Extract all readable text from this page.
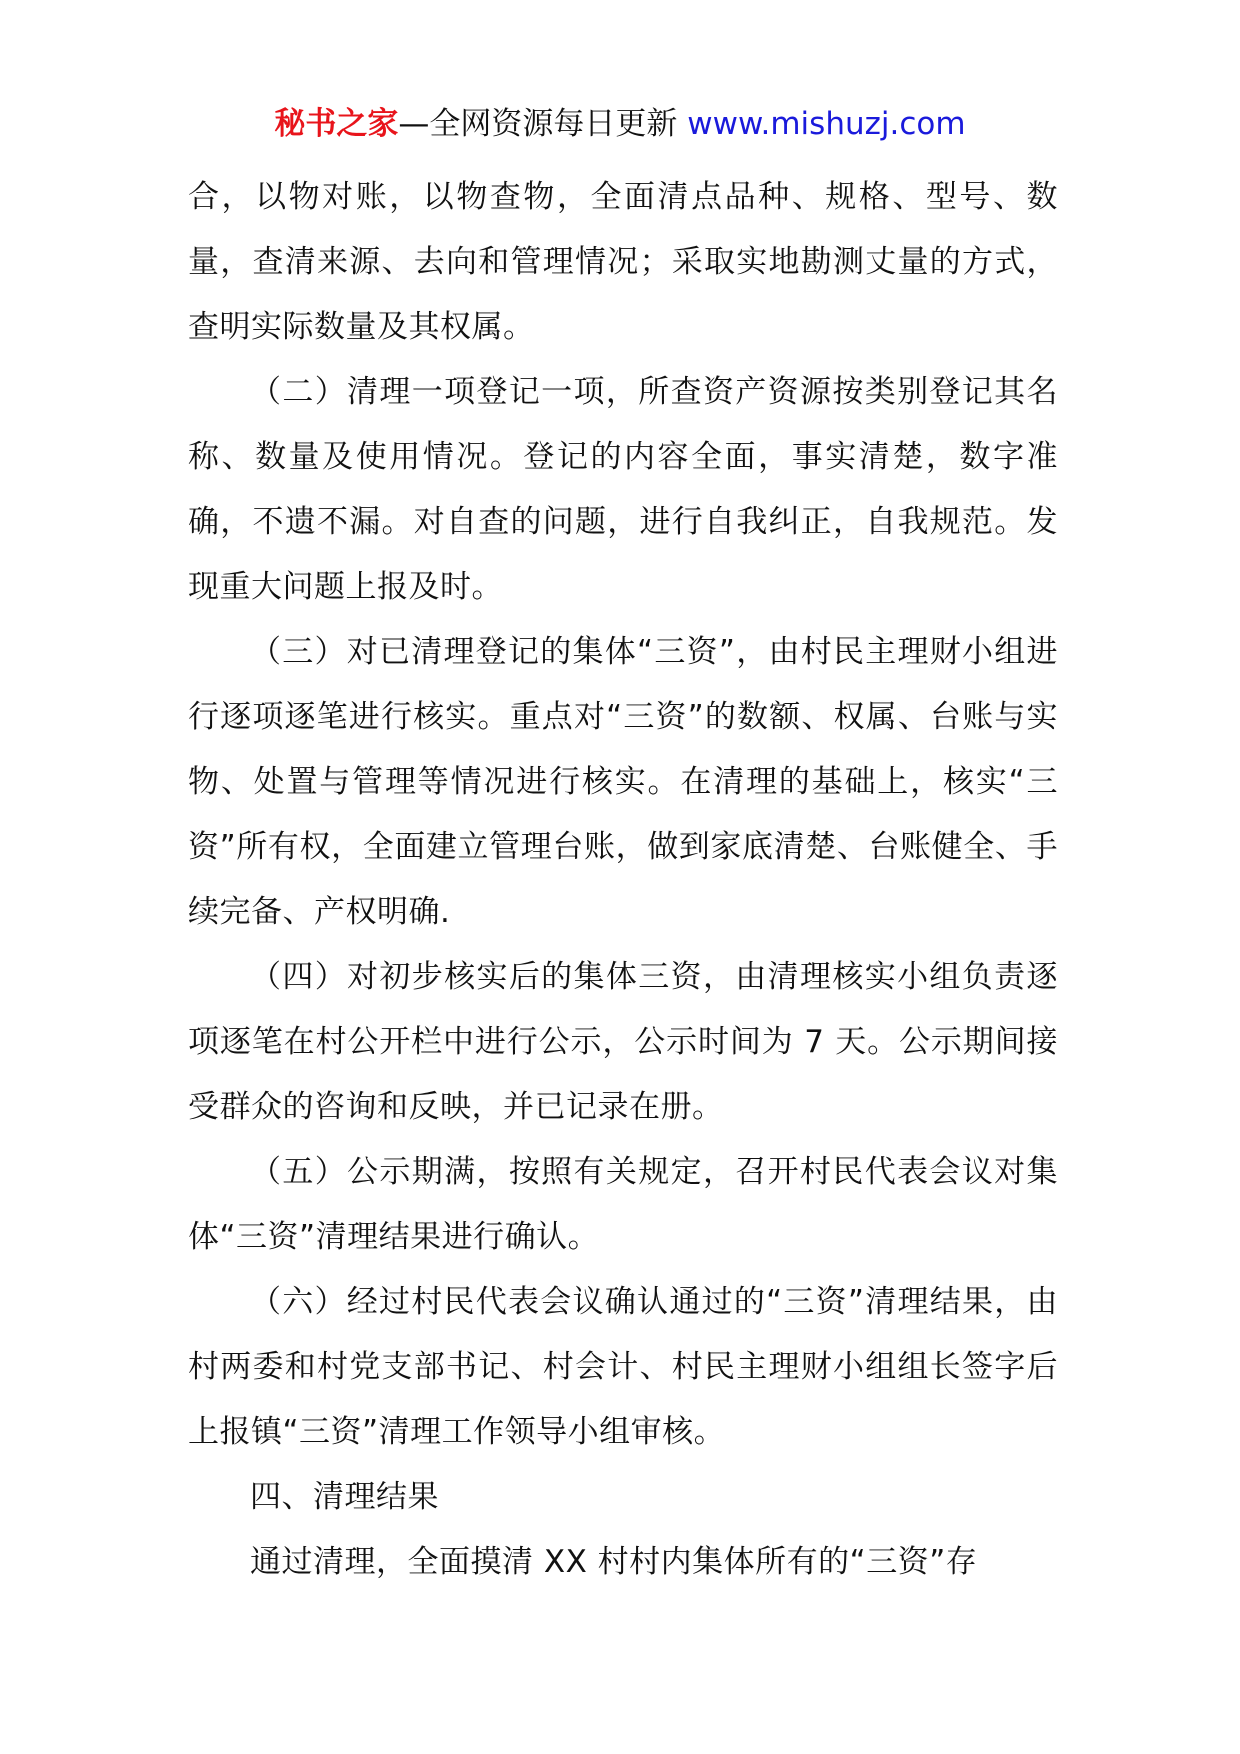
秘书之家—全网资源每日更新 www.mishuzj.com

合，以物对账，以物查物，全面清点品种、规格、型号、数量，查清来源、去向和管理情况；采取实地勘测丈量的方式，查明实际数量及其权属。

（二）清理一项登记一项，所查资产资源按类别登记其名称、数量及使用情况。登记的内容全面，事实清楚，数字准确，不遗不漏。对自查的问题，进行自我纠正，自我规范。发现重大问题上报及时。

（三）对已清理登记的集体“三资”，由村民主理财小组进行逐项逐笔进行核实。重点对“三资”的数额、权属、台账与实物、处置与管理等情况进行核实。在清理的基础上，核实“三资”所有权，全面建立管理台账，做到家底清楚、台账健全、手续完备、产权明确.

（四）对初步核实后的集体三资，由清理核实小组负责逐项逐笔在村公开栏中进行公示，公示时间为 7 天。公示期间接受群众的咨询和反映，并已记录在册。

（五）公示期满，按照有关规定，召开村民代表会议对集体“三资”清理结果进行确认。

（六）经过村民代表会议确认通过的“三资”清理结果，由村两委和村党支部书记、村会计、村民主理财小组组长签字后上报镇“三资”清理工作领导小组审核。

四、清理结果

通过清理，全面摸清 XX 村村内集体所有的“三资”存
